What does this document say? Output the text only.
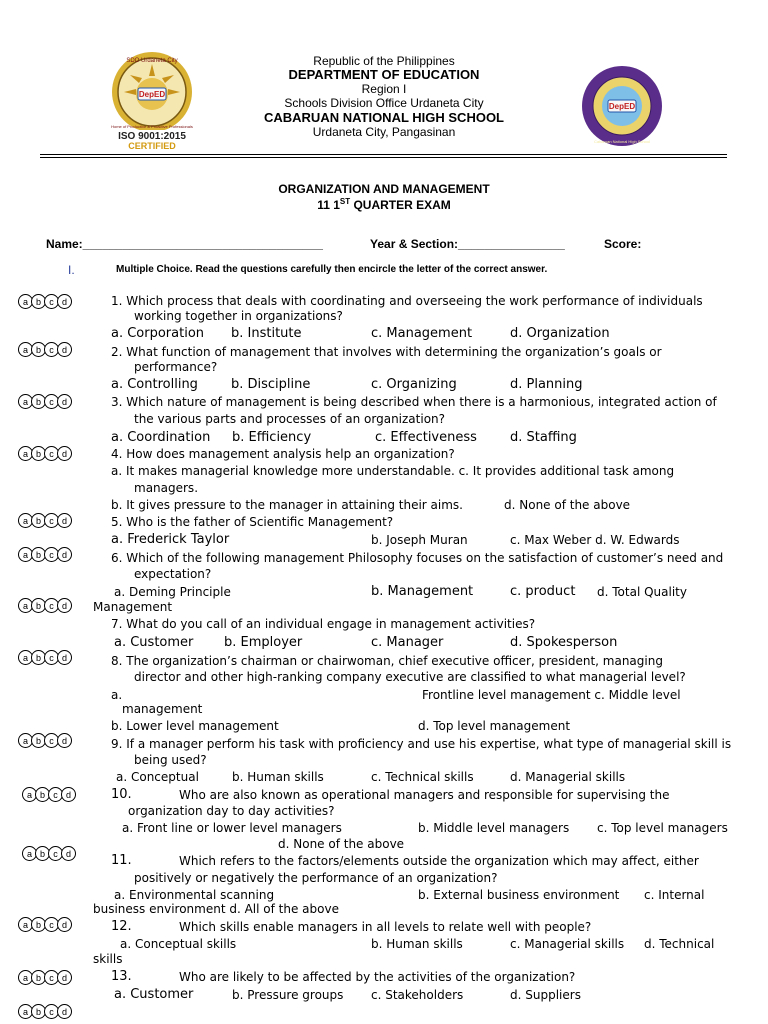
DepED
ISO 9001:2015
CERTIFIED
SDO Urdaneta City
Home of Productive & Proactive Professionals
DepED
Cabaruan National High School
Republic of the Philippines
DEPARTMENT OF EDUCATION
Region I
Schools Division Office Urdaneta City
CABARUAN NATIONAL HIGH SCHOOL
Urdaneta City, Pangasinan
ORGANIZATION AND MANAGEMENT
11 1ST QUARTER EXAM
Name:____________________________________	Year & Section:________________	Score:
I.	Multiple Choice. Read the questions carefully then encircle the letter of the correct answer.
a b c d
a b c d
a b c d
a b c d
a b c d
a b c d
a b c d
a b c d
a b c d
a b c d
a b c d
a b c d
a b c d
a b c d
1. Which process that deals with coordinating and overseeing the work performance of individuals
working together in organizations?
a. Corporation b. Institute	c. Management	d. Organization
2. What function of management that involves with determining the organization’s goals or
performance?
a. Controlling	b. Discipline	c. Organizing	d. Planning
3. Which nature of management is being described when there is a harmonious, integrated action of
the various parts and processes of an organization?
a. Coordination b. Efficiency	c. Effectiveness	d. Staffing
4. How does management analysis help an organization?
a. It makes managerial knowledge more understandable. c. It provides additional task among
managers.
b. It gives pressure to the manager in attaining their aims.	d. None of the above
5. Who is the father of Scientific Management?
a. Frederick Taylor	b. Joseph Muran	c. Max Weber d. W. Edwards
6. Which of the following management Philosophy focuses on the satisfaction of customer’s need and
expectation?
a. Deming Principle	b. Management	c. product d. Total Quality
Management
7. What do you call of an individual engage in management activities?
a. Customer b. Employer	c. Manager	d. Spokesperson
8. The organization’s chairman or chairwoman, chief executive officer, president, managing
director and other high-ranking company executive are classified to what managerial level?
a.	Frontline level management c. Middle level
management
b. Lower level management	d. Top level management
9. If a manager perform his task with proficiency and use his expertise, what type of managerial skill is
being used?
a. Conceptual	b. Human skills	c. Technical skills	d. Managerial skills
10.	Who are also known as operational managers and responsible for supervising the
organization day to day activities?
a. Front line or lower level managers	b. Middle level managers c. Top level managers
d. None of the above
11.	Which refers to the factors/elements outside the organization which may affect, either
positively or negatively the performance of an organization?
a. Environmental scanning	b. External business environment c. Internal
business environment d. All of the above
12.	Which skills enable managers in all levels to relate well with people?
a. Conceptual skills	b. Human skills	c. Managerial skills d. Technical
skills
13.	Who are likely to be affected by the activities of the organization?
a. Customer	b. Pressure groups c. Stakeholders	d. Suppliers
